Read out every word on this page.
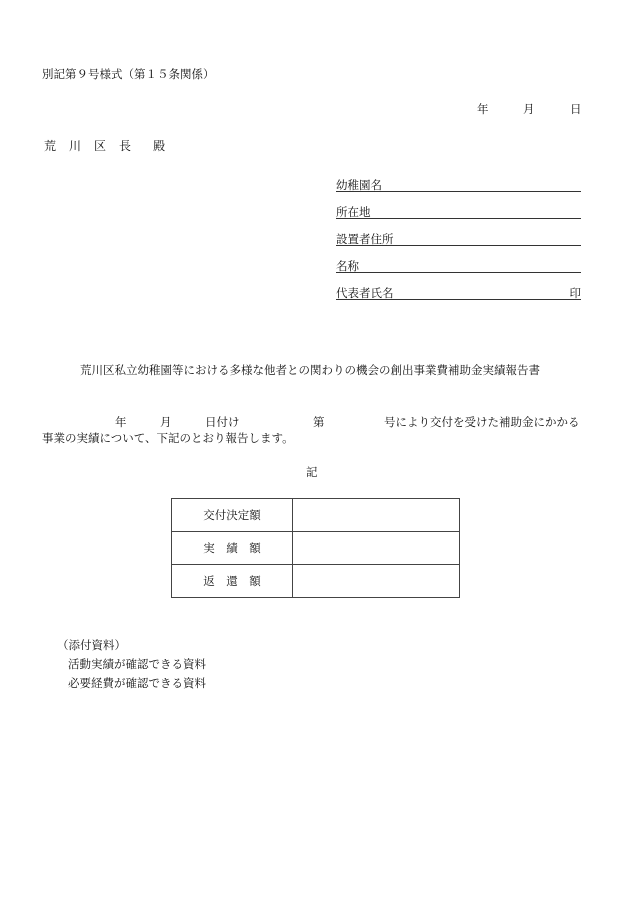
別記第９号様式（第１５条関係）
年	月	日
荒 川 区 長 殿
幼稚園名
所在地
設置者住所
名称
代表者氏名	印
荒川区私立幼稚園等における多様な他者との関わりの機会の創出事業費補助金実績報告書
年	月	日付け	第	号により交付を受けた補助金にかかる
事業の実績について、下記のとおり報告します。
記
交付決定額	
実　績　額	
返　還　額	
（添付資料）
活動実績が確認できる資料
必要経費が確認できる資料
